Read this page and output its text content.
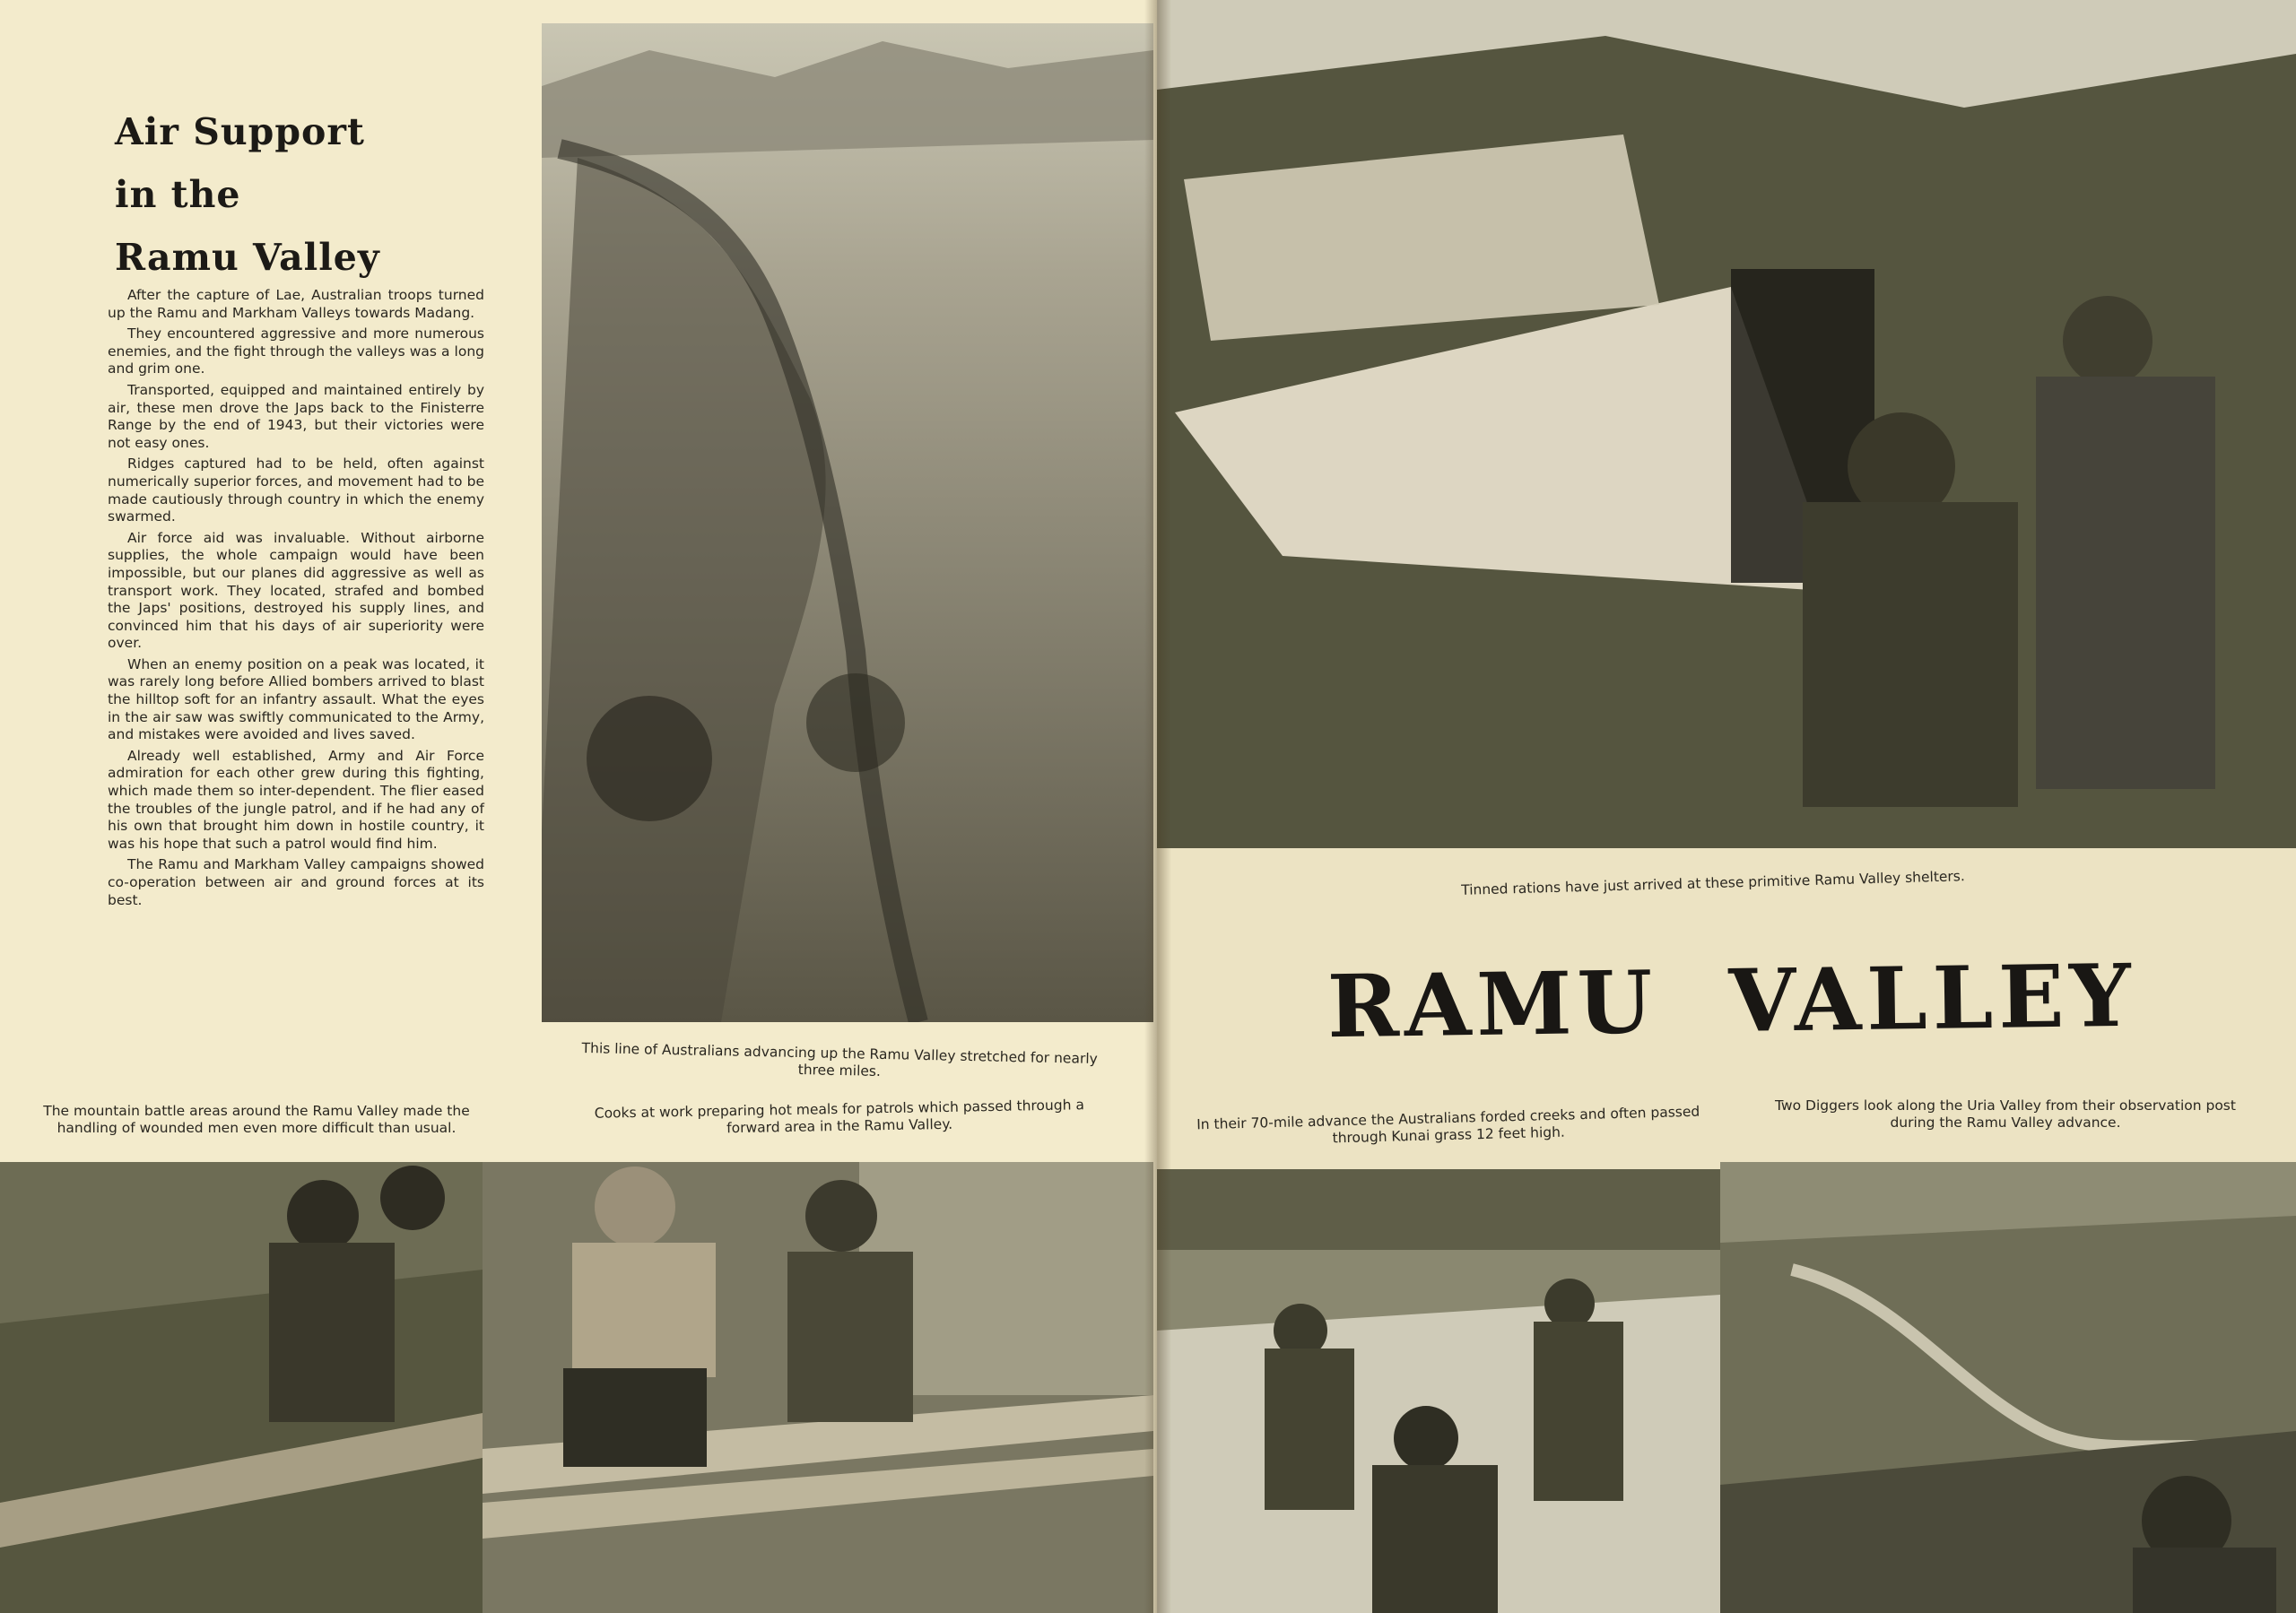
Air Support
in the
Ramu Valley

After the capture of Lae, Australian troops turned up the Ramu and Markham Valleys towards Madang.

They encountered aggressive and more numerous enemies, and the fight through the valleys was a long and grim one.

Transported, equipped and maintained entirely by air, these men drove the Japs back to the Finisterre Range by the end of 1943, but their victories were not easy ones.

Ridges captured had to be held, often against numerically superior forces, and movement had to be made cautiously through country in which the enemy swarmed.

Air force aid was invaluable. Without airborne supplies, the whole campaign would have been impossible, but our planes did aggressive as well as transport work. They located, strafed and bombed the Japs' positions, destroyed his supply lines, and convinced him that his days of air superiority were over.

When an enemy position on a peak was located, it was rarely long before Allied bombers arrived to blast the hilltop soft for an infantry assault. What the eyes in the air saw was swiftly communicated to the Army, and mistakes were avoided and lives saved.

Already well established, Army and Air Force admiration for each other grew during this fighting, which made them so inter-dependent. The flier eased the troubles of the jungle patrol, and if he had any of his own that brought him down in hostile country, it was his hope that such a patrol would find him.

The Ramu and Markham Valley campaigns showed co-operation between air and ground forces at its best.

This line of Australians advancing up the Ramu Valley stretched for nearly three miles.
Cooks at work preparing hot meals for patrols which passed through a forward area in the Ramu Valley.
The mountain battle areas around the Ramu Valley made the handling of wounded men even more difficult than usual.
Tinned rations have just arrived at these primitive Ramu Valley shelters.
In their 70-mile advance the Australians forded creeks and often passed through Kunai grass 12 feet high.
Two Diggers look along the Uria Valley from their observation post during the Ramu Valley advance.
RAMU VALLEY
